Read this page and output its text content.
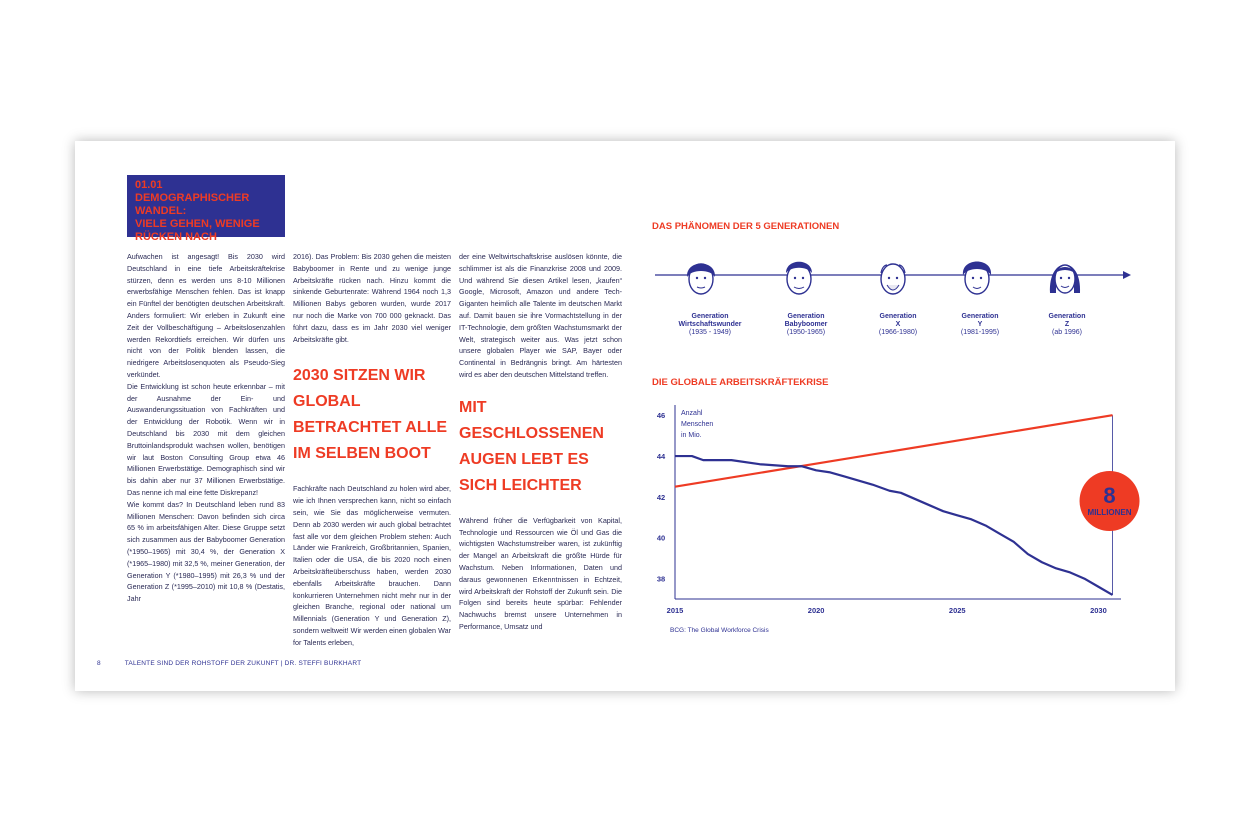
01.01
DEMOGRAPHISCHER WANDEL:
VIELE GEHEN, WENIGE
RÜCKEN NACH

Aufwachen ist angesagt! Bis 2030 wird Deutschland in eine tiefe Arbeitskräftekrise stürzen, denn es werden uns 8-10 Millionen erwerbsfähige Menschen fehlen. Das ist knapp ein Fünftel der benötigten deutschen Arbeitskraft. Anders formuliert: Wir erleben in Zukunft eine Zeit der Vollbeschäftigung – Arbeitslosenzahlen werden Rekordtiefs erreichen. Wir dürfen uns nicht von der Politik blenden lassen, die niedrigere Arbeitslosenquoten als Pseudo-Sieg verkündet.

Die Entwicklung ist schon heute erkennbar – mit der Ausnahme der Ein- und Auswanderungssituation von Fachkräften und der Entwicklung der Robotik. Wenn wir in Deutschland bis 2030 mit dem gleichen Bruttoinlandsprodukt wachsen wollen, benötigen wir laut Boston Consulting Group etwa 46 Millionen Erwerbstätige. Demographisch sind wir bis dahin aber nur 37 Millionen Erwerbstätige. Das nenne ich mal eine fette Diskrepanz!

Wie kommt das? In Deutschland leben rund 83 Millionen Menschen: Davon befinden sich circa 65 % im arbeitsfähigen Alter. Diese Gruppe setzt sich zusammen aus der Babyboomer Generation (*1950–1965) mit 30,4 %, der Generation X (*1965–1980) mit 32,5 %, meiner Generation, der Generation Y (*1980–1995) mit 26,3 % und der Generation Z (*1995–2010) mit 10,8 % (Destatis, Jahr

2016). Das Problem: Bis 2030 gehen die meisten Babyboomer in Rente und zu wenige junge Arbeitskräfte rücken nach. Hinzu kommt die sinkende Geburtenrate: Während 1964 noch 1,3 Millionen Babys geboren wurden, wurde 2017 nur noch die Marke von 700 000 geknackt. Das führt dazu, dass es im Jahr 2030 viel weniger Arbeitskräfte gibt.

2030 SITZEN WIR GLOBAL BETRACHTET ALLE IM SELBEN BOOT

Fachkräfte nach Deutschland zu holen wird aber, wie ich Ihnen versprechen kann, nicht so einfach sein, wie Sie das möglicherweise vermuten. Denn ab 2030 werden wir auch global betrachtet fast alle vor dem gleichen Problem stehen: Auch Länder wie Frankreich, Großbritannien, Spanien, Italien oder die USA, die bis 2020 noch einen Arbeitskräfteüberschuss haben, werden 2030 ebenfalls Arbeitskräfte brauchen. Dann konkurrieren Unternehmen nicht mehr nur in der gleichen Branche, regional oder national um Millennials (Generation Y und Generation Z), sondern weltweit! Wir werden einen globalen War for Talents erleben,

der eine Weltwirtschaftskrise auslösen könnte, die schlimmer ist als die Finanzkrise 2008 und 2009. Und während Sie diesen Artikel lesen, „kaufen“ Google, Microsoft, Amazon und andere Tech-Giganten heimlich alle Talente im deutschen Markt auf. Damit bauen sie ihre Vormachtstellung in der IT-Technologie, dem größten Wachstumsmarkt der Welt, strategisch weiter aus. Was jetzt schon unsere globalen Player wie SAP, Bayer oder Continental in Bedrängnis bringt. Am härtesten wird es aber den deutschen Mittelstand treffen.

MIT GESCHLOSSENEN AUGEN LEBT ES SICH LEICHTER

Während früher die Verfügbarkeit von Kapital, Technologie und Ressourcen wie Öl und Gas die wichtigsten Wachstumstreiber waren, ist zukünftig der Mangel an Arbeitskraft die größte Hürde für Wachstum. Neben Informationen, Daten und daraus gewonnenen Erkenntnissen in Echtzeit, wird Arbeitskraft der Rohstoff der Zukunft sein. Die Folgen sind bereits heute spürbar: Fehlender Nachwuchs bremst unsere Unternehmen in Performance, Umsatz und

8	TALENTE SIND DER ROHSTOFF DER ZUKUNFT | DR. STEFFI BURKHART
DAS PHÄNOMEN DER 5 GENERATIONEN
Generation
Wirtschaftswunder
(1935 - 1949)
Generation
Babyboomer
(1950-1965)
Generation
X
(1966-1980)
Generation
Y
(1981-1995)
Generation
Z
(ab 1996)
DIE GLOBALE ARBEITSKRÄFTEKRISE
38
40
42
44
46
2015	2020	2025	2030
Anzahl
Menschen
in Mio.
8
MILLIONEN
BCG: The Global Workforce Crisis
